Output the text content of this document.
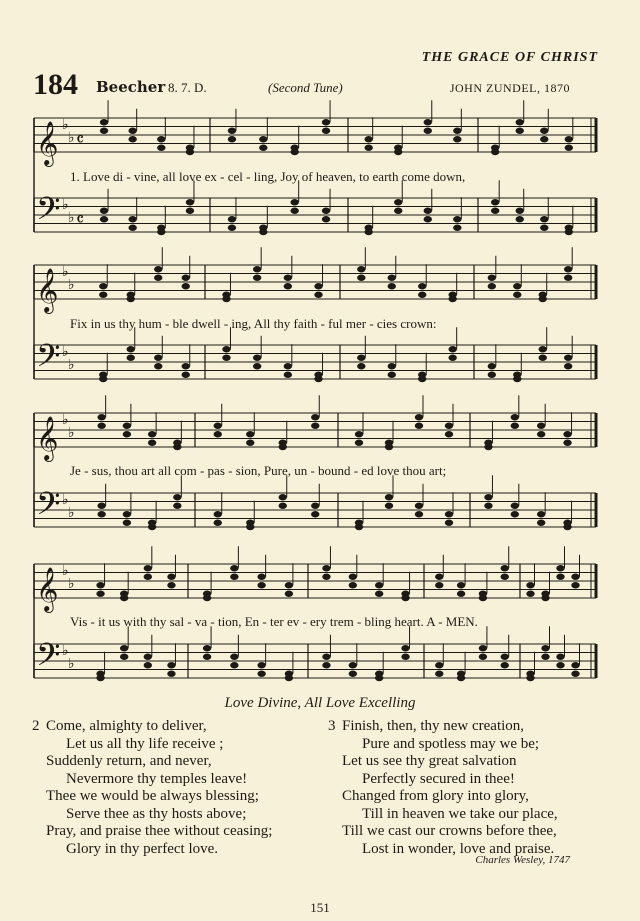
THE GRACE OF CHRIST
184 Beecher 8. 7. D.	(Second Tune)	JOHN ZUNDEL, 1870
𝄞 ♭
♭ 𝄴
𝄢 ♭
♭ 𝄴
𝄞 ♭
♭
𝄢 ♭
♭
𝄞 ♭
♭
𝄢 ♭
♭
𝄞 ♭
♭
𝄢 ♭
♭
1. Love di - vine, all love ex - cel - ling, Joy of heaven, to earth come down,
Fix in us thy hum - ble dwell - ing, All thy faith - ful mer - cies crown:
Je - sus, thou art all com - pas - sion, Pure, un - bound - ed love thou art;
Vis - it us with thy sal - va - tion, En - ter ev - ery trem - bling heart. A - MEN.
Love Divine, All Love Excelling
2 Come, almighty to deliver,
Let us all thy life receive ;
Suddenly return, and never,
Nevermore thy temples leave!
Thee we would be always blessing;
Serve thee as thy hosts above;
Pray, and praise thee without ceasing;
Glory in thy perfect love.
3 Finish, then, thy new creation,
Pure and spotless may we be;
Let us see thy great salvation
Perfectly secured in thee!
Changed from glory into glory,
Till in heaven we take our place,
Till we cast our crowns before thee,
Lost in wonder, love and praise.
Charles Wesley, 1747
151
